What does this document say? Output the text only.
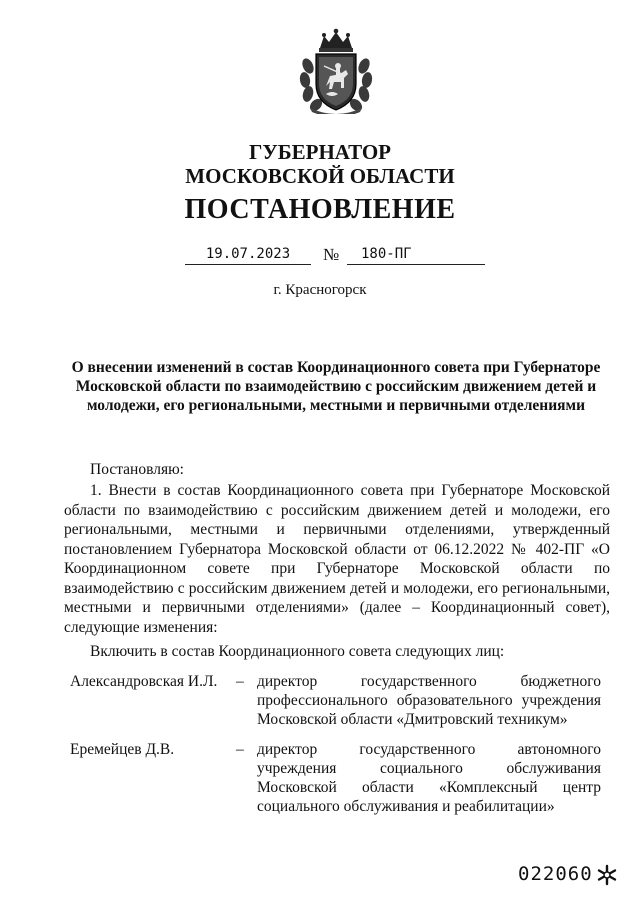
ГУБЕРНАТОР
МОСКОВСКОЙ ОБЛАСТИ
ПОСТАНОВЛЕНИЕ
19.07.2023	№	180-ПГ
г. Красногорск
О внесении изменений в состав Координационного совета при Губернаторе Московской области по взаимодействию с российским движением детей и молодежи, его региональными, местными и первичными отделениями
Постановляю:
1. Внести в состав Координационного совета при Губернаторе Московской области по взаимодействию с российским движением детей и молодежи, его региональными, местными и первичными отделениями, утвержденный постановлением Губернатора Московской области от 06.12.2022 № 402-ПГ «О Координационном совете при Губернаторе Московской области по взаимодействию с российским движением детей и молодежи, его региональными, местными и первичными отделениями» (далее – Координационный совет), следующие изменения:
Включить в состав Координационного совета следующих лиц:
Александровская И.Л. – директор государственного бюджетного профессионального образовательного учреждения Московской области «Дмитровский техникум»
Еремейцев Д.В.	– директор государственного автономного учреждения социального обслуживания Московской области «Комплексный центр социального обслуживания и реабилитации»
022060
